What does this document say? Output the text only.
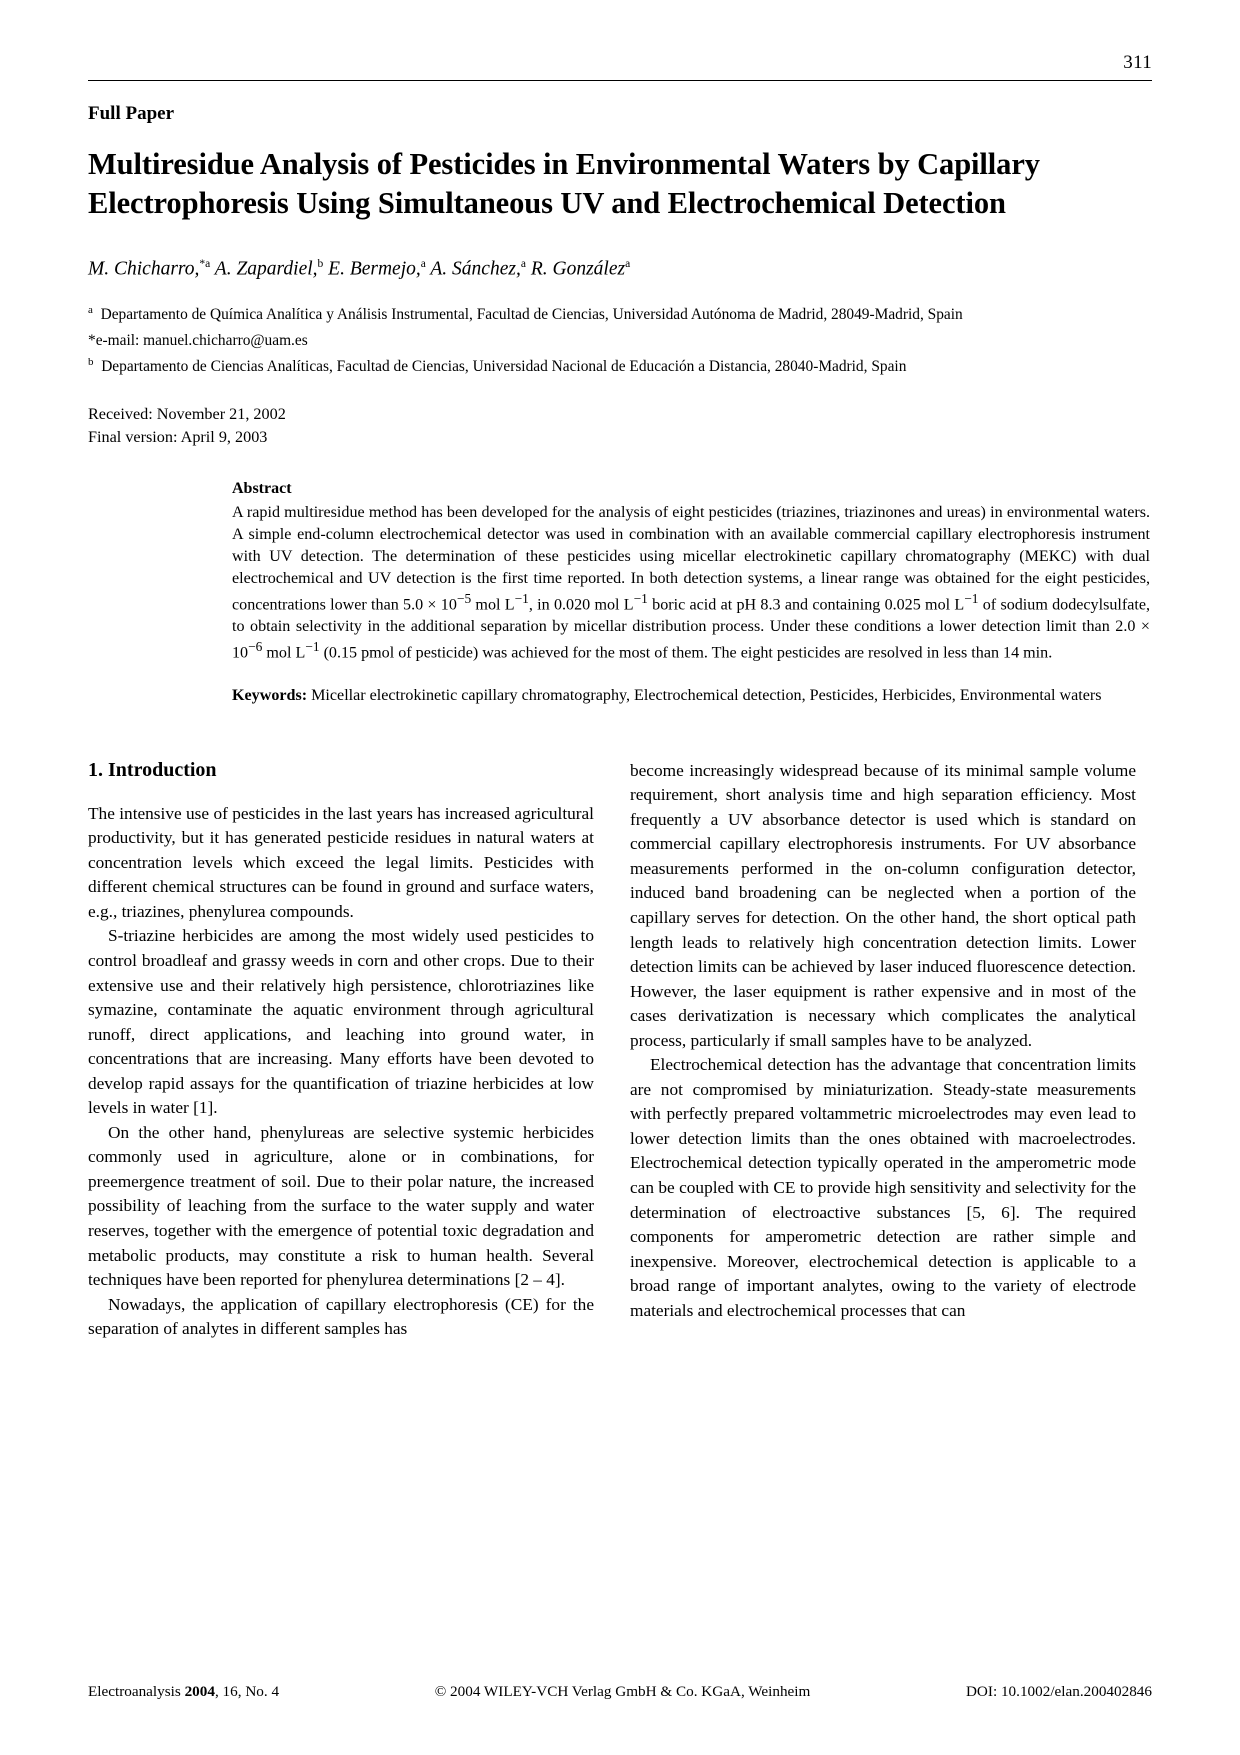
311
Full Paper
Multiresidue Analysis of Pesticides in Environmental Waters by Capillary Electrophoresis Using Simultaneous UV and Electrochemical Detection
M. Chicharro,$^{*a}$ A. Zapardiel,$^b$ E. Bermejo,$^a$ A. Sánchez,$^a$ R. González$^a$
$^a$  Departamento de Química Analítica y Análisis Instrumental, Facultad de Ciencias, Universidad Autónoma de Madrid, 28049-Madrid, Spain
*e-mail: manuel.chicharro@uam.es
$^b$  Departamento de Ciencias Analíticas, Facultad de Ciencias, Universidad Nacional de Educación a Distancia, 28040-Madrid, Spain
Received: November 21, 2002
Final version: April 9, 2003
Abstract

A rapid multiresidue method has been developed for the analysis of eight pesticides (triazines, triazinones and ureas) in environmental waters. A simple end-column electrochemical detector was used in combination with an available commercial capillary electrophoresis instrument with UV detection. The determination of these pesticides using micellar electrokinetic capillary chromatography (MEKC) with dual electrochemical and UV detection is the first time reported. In both detection systems, a linear range was obtained for the eight pesticides, concentrations lower than $5.0 \times 10^{-5}$ mol $L^{-1}$, in 0.020 mol $L^{-1}$ boric acid at pH 8.3 and containing 0.025 mol $L^{-1}$ of sodium dodecylsulfate, to obtain selectivity in the additional separation by micellar distribution process. Under these conditions a lower detection limit than $2.0 \times 10^{-6}$ mol $L^{-1}$ (0.15 pmol of pesticide) was achieved for the most of them. The eight pesticides are resolved in less than 14 min.

Keywords: Micellar electrokinetic capillary chromatography, Electrochemical detection, Pesticides, Herbicides, Environmental waters

1. Introduction

The intensive use of pesticides in the last years has increased agricultural productivity, but it has generated pesticide residues in natural waters at concentration levels which exceed the legal limits. Pesticides with different chemical structures can be found in ground and surface waters, e.g., triazines, phenylurea compounds.

S-triazine herbicides are among the most widely used pesticides to control broadleaf and grassy weeds in corn and other crops. Due to their extensive use and their relatively high persistence, chlorotriazines like symazine, contaminate the aquatic environment through agricultural runoff, direct applications, and leaching into ground water, in concentrations that are increasing. Many efforts have been devoted to develop rapid assays for the quantification of triazine herbicides at low levels in water [1].

On the other hand, phenylureas are selective systemic herbicides commonly used in agriculture, alone or in combinations, for preemergence treatment of soil. Due to their polar nature, the increased possibility of leaching from the surface to the water supply and water reserves, together with the emergence of potential toxic degradation and metabolic products, may constitute a risk to human health. Several techniques have been reported for phenylurea determinations [2 – 4].

Nowadays, the application of capillary electrophoresis (CE) for the separation of analytes in different samples has

become increasingly widespread because of its minimal sample volume requirement, short analysis time and high separation efficiency. Most frequently a UV absorbance detector is used which is standard on commercial capillary electrophoresis instruments. For UV absorbance measurements performed in the on-column configuration detector, induced band broadening can be neglected when a portion of the capillary serves for detection. On the other hand, the short optical path length leads to relatively high concentration detection limits. Lower detection limits can be achieved by laser induced fluorescence detection. However, the laser equipment is rather expensive and in most of the cases derivatization is necessary which complicates the analytical process, particularly if small samples have to be analyzed.

Electrochemical detection has the advantage that concentration limits are not compromised by miniaturization. Steady-state measurements with perfectly prepared voltammetric microelectrodes may even lead to lower detection limits than the ones obtained with macroelectrodes. Electrochemical detection typically operated in the amperometric mode can be coupled with CE to provide high sensitivity and selectivity for the determination of electroactive substances [5, 6]. The required components for amperometric detection are rather simple and inexpensive. Moreover, electrochemical detection is applicable to a broad range of important analytes, owing to the variety of electrode materials and electrochemical processes that can

Electroanalysis 2004, 16, No. 4	© 2004 WILEY-VCH Verlag GmbH & Co. KGaA, Weinheim	DOI: 10.1002/elan.200402846
